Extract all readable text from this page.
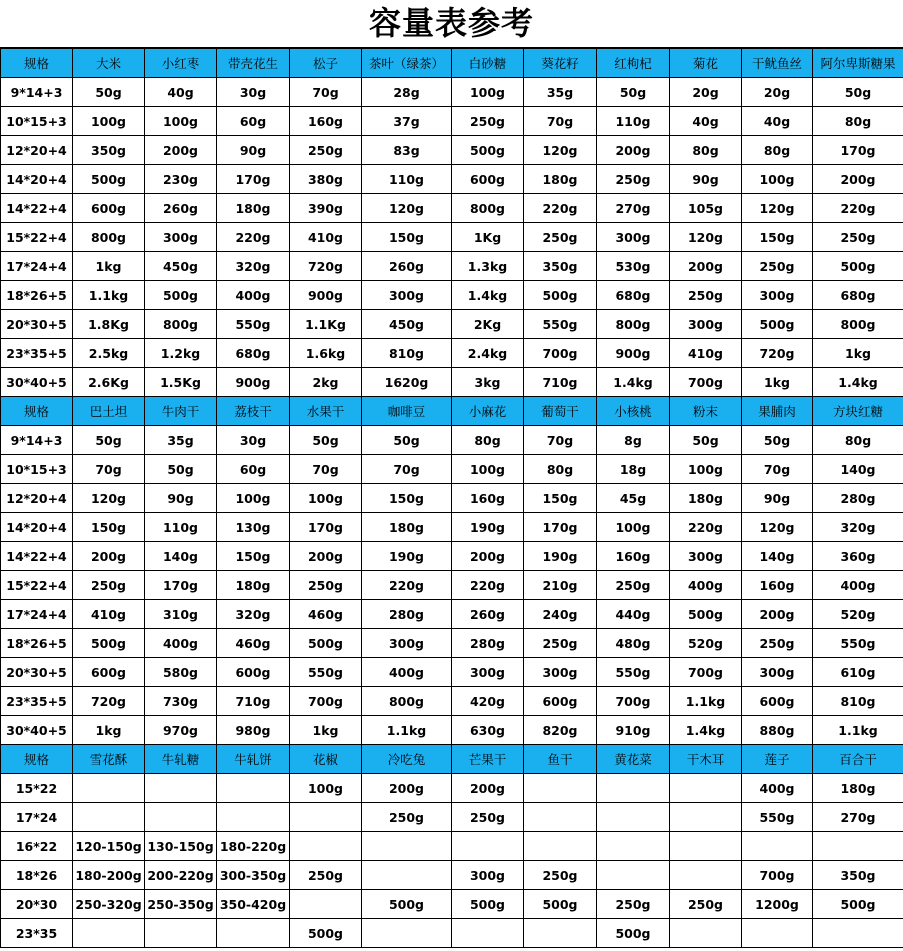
容量表参考
规格	大米	小红枣	带壳花生	松子	茶叶（绿茶）	白砂糖	葵花籽	红枸杞	菊花	干鱿鱼丝	阿尔卑斯糖果
9*14+3	50g	40g	30g	70g	28g	100g	35g	50g	20g	20g	50g
10*15+3	100g	100g	60g	160g	37g	250g	70g	110g	40g	40g	80g
12*20+4	350g	200g	90g	250g	83g	500g	120g	200g	80g	80g	170g
14*20+4	500g	230g	170g	380g	110g	600g	180g	250g	90g	100g	200g
14*22+4	600g	260g	180g	390g	120g	800g	220g	270g	105g	120g	220g
15*22+4	800g	300g	220g	410g	150g	1Kg	250g	300g	120g	150g	250g
17*24+4	1kg	450g	320g	720g	260g	1.3kg	350g	530g	200g	250g	500g
18*26+5	1.1kg	500g	400g	900g	300g	1.4kg	500g	680g	250g	300g	680g
20*30+5	1.8Kg	800g	550g	1.1Kg	450g	2Kg	550g	800g	300g	500g	800g
23*35+5	2.5kg	1.2kg	680g	1.6kg	810g	2.4kg	700g	900g	410g	720g	1kg
30*40+5	2.6Kg	1.5Kg	900g	2kg	1620g	3kg	710g	1.4kg	700g	1kg	1.4kg
规格	巴土坦	牛肉干	荔枝干	水果干	咖啡豆	小麻花	葡萄干	小核桃	粉末	果脯肉	方块红糖
9*14+3	50g	35g	30g	50g	50g	80g	70g	8g	50g	50g	80g
10*15+3	70g	50g	60g	70g	70g	100g	80g	18g	100g	70g	140g
12*20+4	120g	90g	100g	100g	150g	160g	150g	45g	180g	90g	280g
14*20+4	150g	110g	130g	170g	180g	190g	170g	100g	220g	120g	320g
14*22+4	200g	140g	150g	200g	190g	200g	190g	160g	300g	140g	360g
15*22+4	250g	170g	180g	250g	220g	220g	210g	250g	400g	160g	400g
17*24+4	410g	310g	320g	460g	280g	260g	240g	440g	500g	200g	520g
18*26+5	500g	400g	460g	500g	300g	280g	250g	480g	520g	250g	550g
20*30+5	600g	580g	600g	550g	400g	300g	300g	550g	700g	300g	610g
23*35+5	720g	730g	710g	700g	800g	420g	600g	700g	1.1kg	600g	810g
30*40+5	1kg	970g	980g	1kg	1.1kg	630g	820g	910g	1.4kg	880g	1.1kg
规格	雪花酥	牛轧糖	牛轧饼	花椒	冷吃兔	芒果干	鱼干	黄花菜	干木耳	莲子	百合干
15*22				100g	200g	200g				400g	180g
17*24					250g	250g				550g	270g
16*22	120-150g	130-150g	180-220g								
18*26	180-200g	200-220g	300-350g	250g		300g	250g			700g	350g
20*30	250-320g	250-350g	350-420g		500g	500g	500g	250g	250g	1200g	500g
23*35				500g				500g			
